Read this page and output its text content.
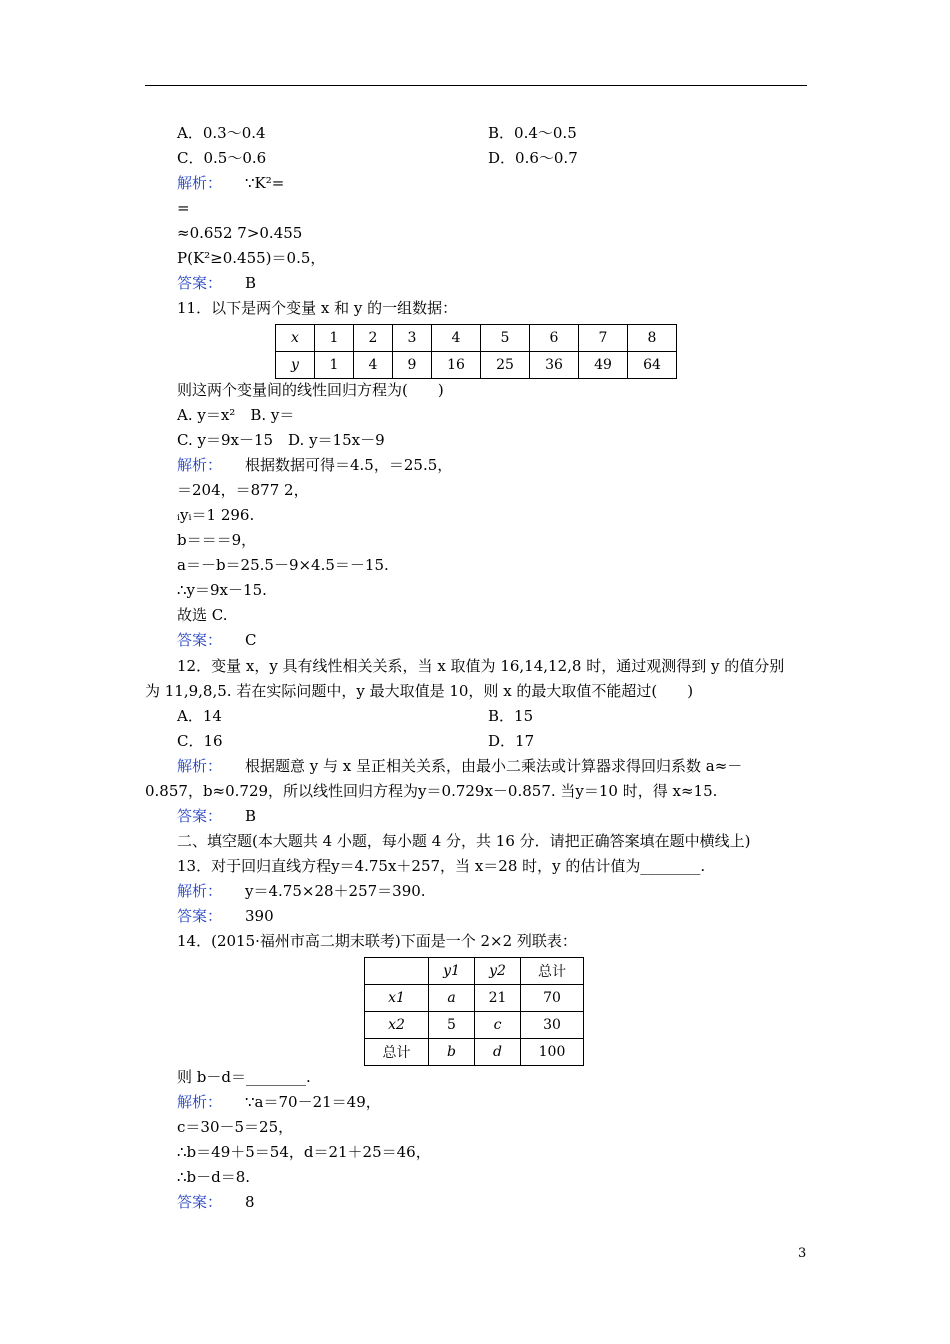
A．0.3～0.4	B．0.4～0.5
C．0.5～0.6	D．0.6～0.7
解析： ∵K²=
=
≈0.652 7>0.455
P(K²≥0.455)＝0.5，
答案： B
11．以下是两个变量 x 和 y 的一组数据：
x	1	2	3	4	5	6	7	8
y	1	4	9	16	25	36	49	64
则这两个变量间的线性回归方程为(　　)
A. y＝x²　B. y＝
C. y＝9x－15　D. y＝15x－9
解析： 根据数据可得＝4.5，＝25.5，
＝204，＝877 2，
ᵢyᵢ＝1 296.
b＝＝＝9，
a＝－b＝25.5－9×4.5＝－15.
∴y＝9x－15.
故选 C.
答案： C
12．变量 x，y 具有线性相关关系，当 x 取值为 16,14,12,8 时，通过观测得到 y 的值分别
为 11,9,8,5. 若在实际问题中，y 最大取值是 10，则 x 的最大取值不能超过(　　)
A．14	B．15
C．16	D．17
解析： 根据题意 y 与 x 呈正相关关系，由最小二乘法或计算器求得回归系数 a≈－
0.857，b≈0.729，所以线性回归方程为y＝0.729x－0.857. 当y＝10 时，得 x≈15.
答案： B
二、填空题(本大题共 4 小题，每小题 4 分，共 16 分．请把正确答案填在题中横线上)
13．对于回归直线方程y＝4.75x＋257，当 x＝28 时，y 的估计值为________.
解析： y＝4.75×28＋257＝390.
答案： 390
14．(2015·福州市高二期末联考)下面是一个 2×2 列联表：
	y1	y2	总计
x1	a	21	70
x2	5	c	30
总计	b	d	100
则 b－d＝________.
解析： ∵a＝70－21＝49，
c＝30－5＝25，
∴b＝49＋5＝54，d＝21＋25＝46，
∴b－d＝8.
答案： 8
3
